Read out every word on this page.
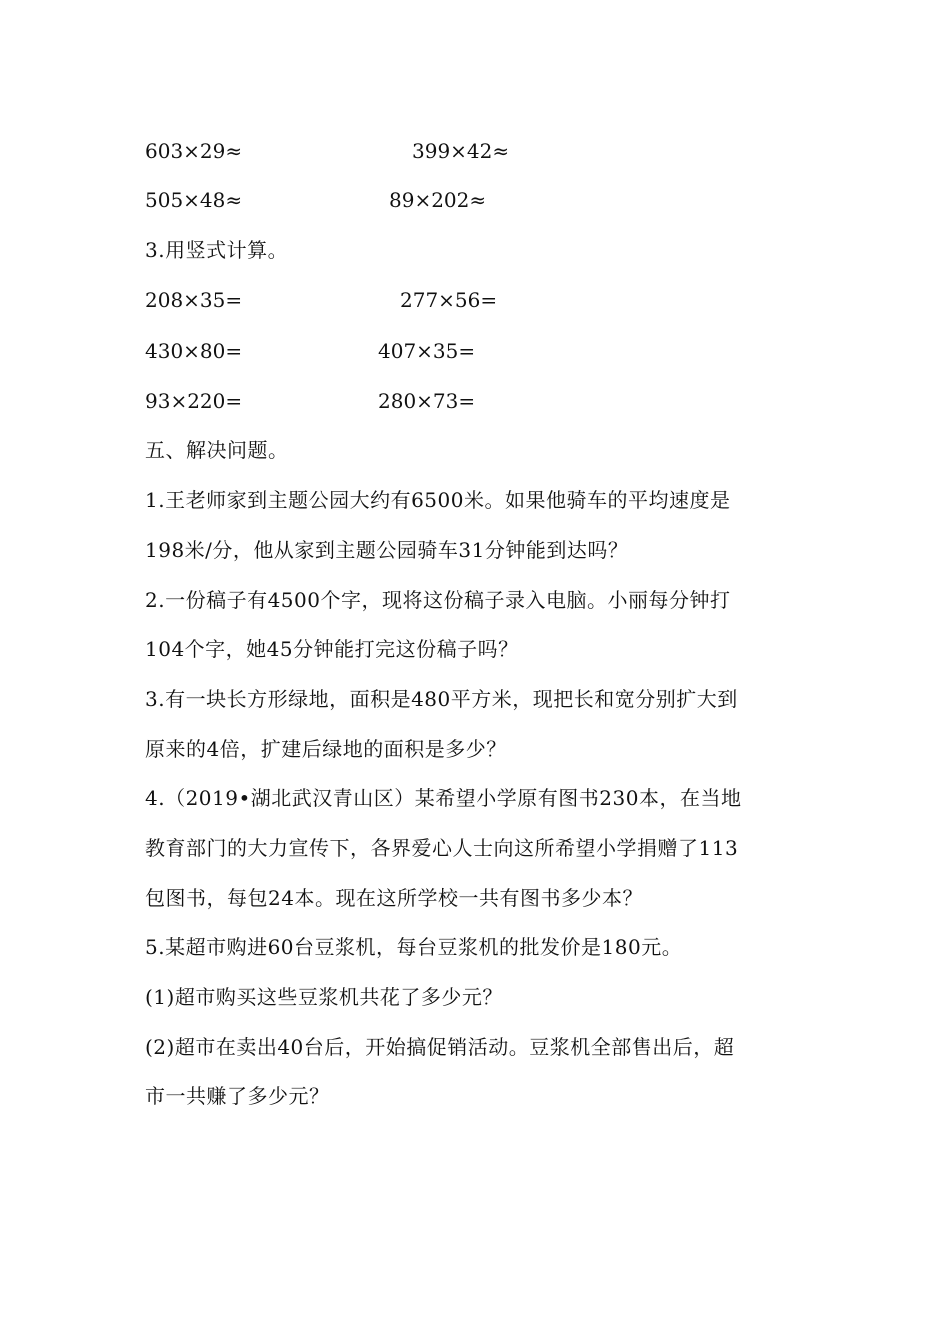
603×29≈	399×42≈
505×48≈	89×202≈
3.用竖式计算。
208×35=	277×56=
430×80=	407×35=
93×220=	280×73=
五、解决问题。
1.王老师家到主题公园大约有6500米。如果他骑车的平均速度是
198米/分，他从家到主题公园骑车31分钟能到达吗？
2.一份稿子有4500个字，现将这份稿子录入电脑。小丽每分钟打
104个字，她45分钟能打完这份稿子吗？
3.有一块长方形绿地，面积是480平方米，现把长和宽分别扩大到
原来的4倍，扩建后绿地的面积是多少？
4.（2019•湖北武汉青山区）某希望小学原有图书230本，在当地
教育部门的大力宣传下，各界爱心人士向这所希望小学捐赠了113
包图书，每包24本。现在这所学校一共有图书多少本？
5.某超市购进60台豆浆机，每台豆浆机的批发价是180元。
(1)超市购买这些豆浆机共花了多少元？
(2)超市在卖出40台后，开始搞促销活动。豆浆机全部售出后，超
市一共赚了多少元？
